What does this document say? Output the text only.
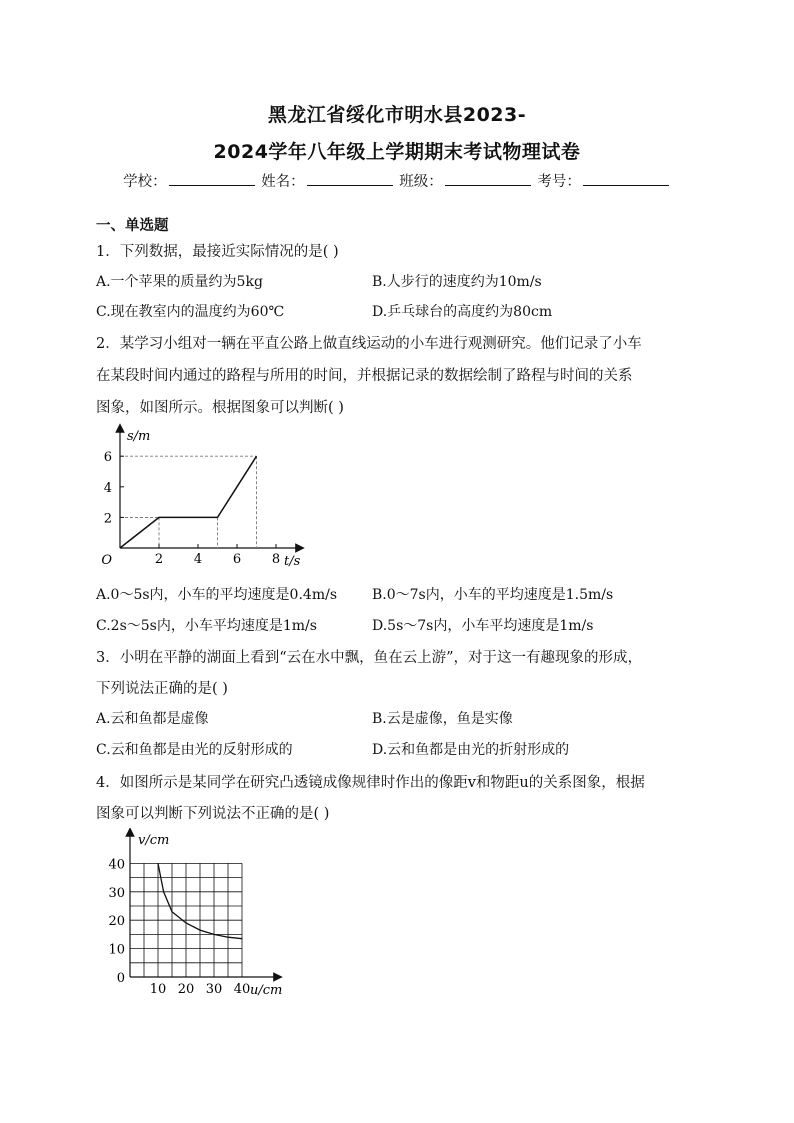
黑龙江省绥化市明水县2023-
2024学年八年级上学期期末考试物理试卷
学校：	姓名：	班级：	考号：
一、单选题
1．下列数据，最接近实际情况的是( )
A.一个苹果的质量约为5kg	B.人步行的速度约为10m/s
C.现在教室内的温度约为60℃	D.乒乓球台的高度约为80cm
2．某学习小组对一辆在平直公路上做直线运动的小车进行观测研究。他们记录了小车
在某段时间内通过的路程与所用的时间，并根据记录的数据绘制了路程与时间的关系
图象，如图所示。根据图象可以判断( )
2 4 6 8
2
4
6
O	t/s
s/m
A.0～5s内，小车的平均速度是0.4m/s B.0～7s内，小车的平均速度是1.5m/s
C.2s～5s内，小车平均速度是1m/s	D.5s～7s内，小车平均速度是1m/s
3．小明在平静的湖面上看到“云在水中飘，鱼在云上游”，对于这一有趣现象的形成，
下列说法正确的是( )
A.云和鱼都是虚像	B.云是虚像，鱼是实像
C.云和鱼都是由光的反射形成的	D.云和鱼都是由光的折射形成的
4．如图所示是某同学在研究凸透镜成像规律时作出的像距v和物距u的关系图象，根据
图象可以判断下列说法不正确的是( )
10 20 30 40
0
10
20
30
40
u/cm
v/cm
